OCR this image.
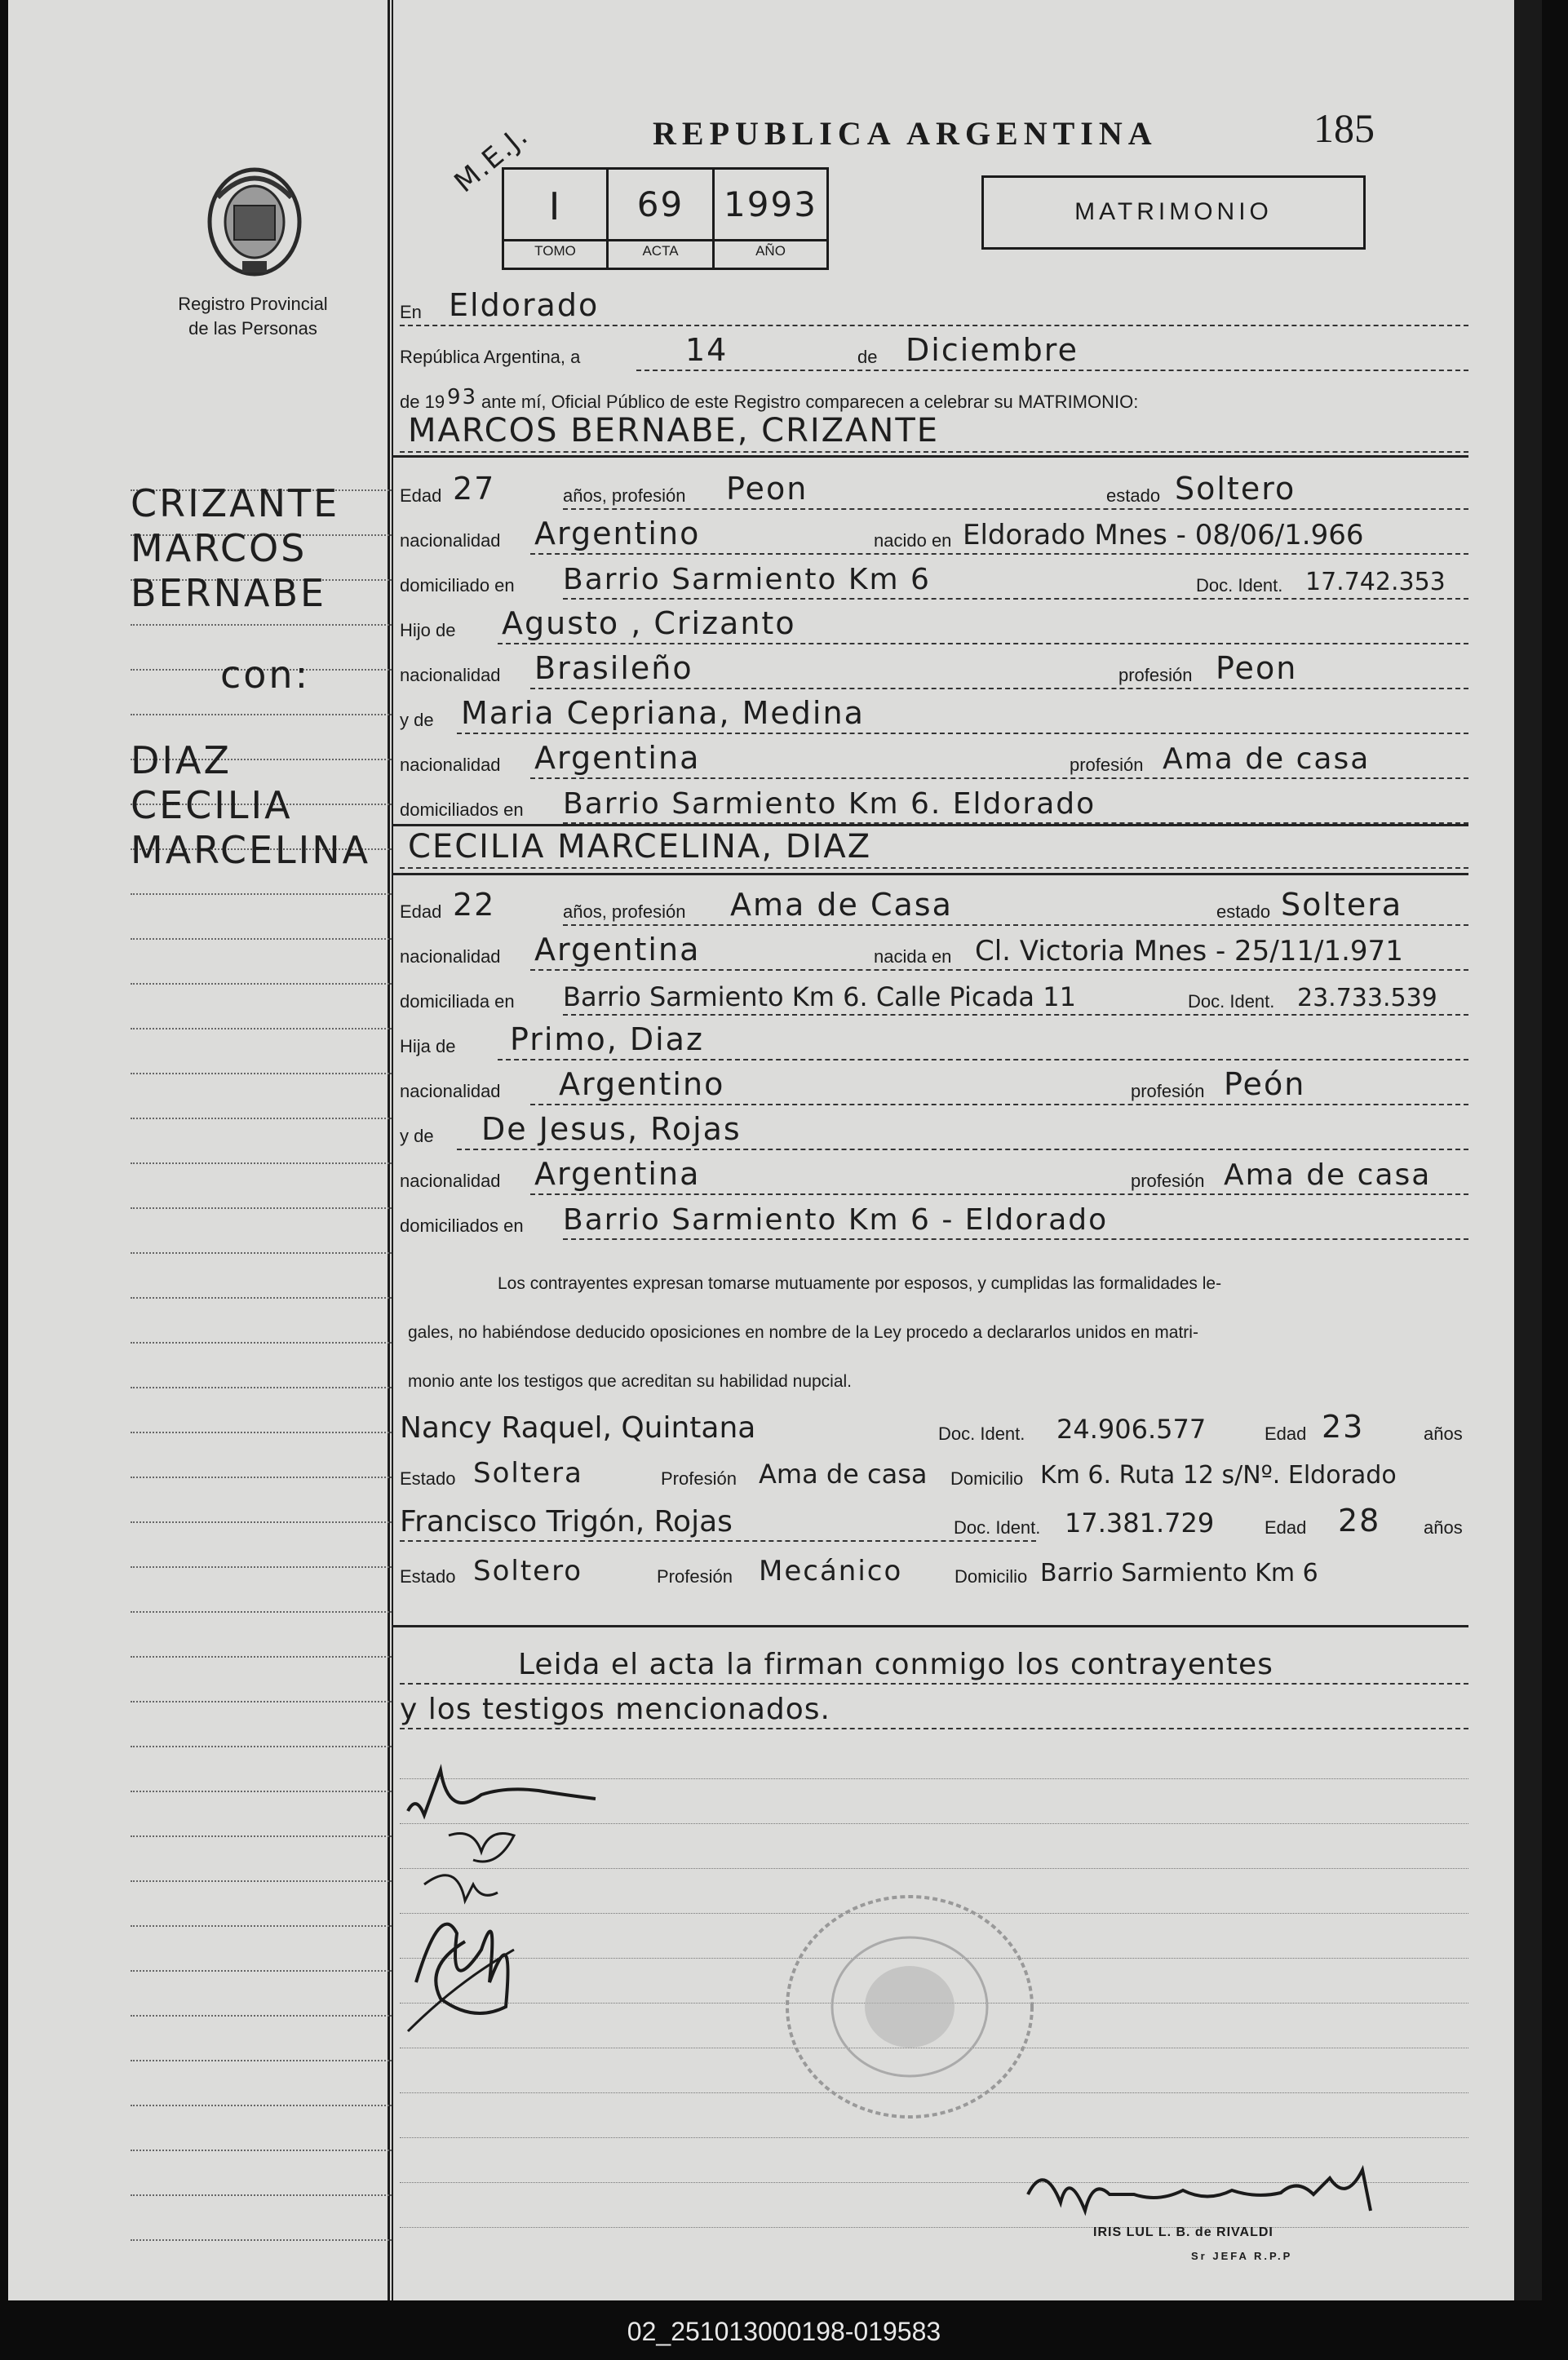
Registro Provincial
de las Personas
REPUBLICA ARGENTINA	185
M.E.J.
I	69	1993
TOMO	ACTA	AÑO
MATRIMONIO
CRIZANTE
MARCOS
BERNABE
con:
DIAZ
CECILIA
MARCELINA
En Eldorado
República Argentina, a	14	de Diciembre
de 19 93 ante mí, Oficial Público de este Registro comparecen a celebrar su MATRIMONIO:
MARCOS BERNABE, CRIZANTE
Edad 27	años, profesión Peon	estado Soltero
nacionalidad Argentino	nacido en Eldorado Mnes - 08/06/1.966
domiciliado en Barrio Sarmiento Km 6	Doc. Ident. 17.742.353
Hijo de Agusto , Crizanto
nacionalidad Brasileño	profesión Peon
y de Maria Cepriana, Medina
nacionalidad Argentina	profesión Ama de casa
domiciliados en Barrio Sarmiento Km 6. Eldorado
CECILIA MARCELINA, DIAZ
Edad 22	años, profesión Ama de Casa	estado Soltera
nacionalidad Argentina	nacida en Cl. Victoria Mnes - 25/11/1.971
domiciliada en Barrio Sarmiento Km 6. Calle Picada 11	Doc. Ident. 23.733.539
Hija de Primo, Diaz
nacionalidad Argentino	profesión Peón
y de De Jesus, Rojas
nacionalidad Argentina	profesión Ama de casa
domiciliados en Barrio Sarmiento Km 6 - Eldorado
Los contrayentes expresan tomarse mutuamente por esposos, y cumplidas las formalidades le-
gales, no habiéndose deducido oposiciones en nombre de la Ley procedo a declararlos unidos en matri-
monio ante los testigos que acreditan su habilidad nupcial.
Nancy Raquel, Quintana	Doc. Ident. 24.906.577	Edad 23	años
Estado Soltera	Profesión Ama de casa Domicilio Km 6. Ruta 12 s/Nº. Eldorado
Francisco Trigón, Rojas	Doc. Ident. 17.381.729	Edad 28 años
Estado Soltero	Profesión Mecánico	Domicilio Barrio Sarmiento Km 6
Leida el acta la firman conmigo los contrayentes
y los testigos mencionados.
IRIS LUL L. B. de RIVALDI
Sr JEFA R.P.P
02_251013000198-019583
